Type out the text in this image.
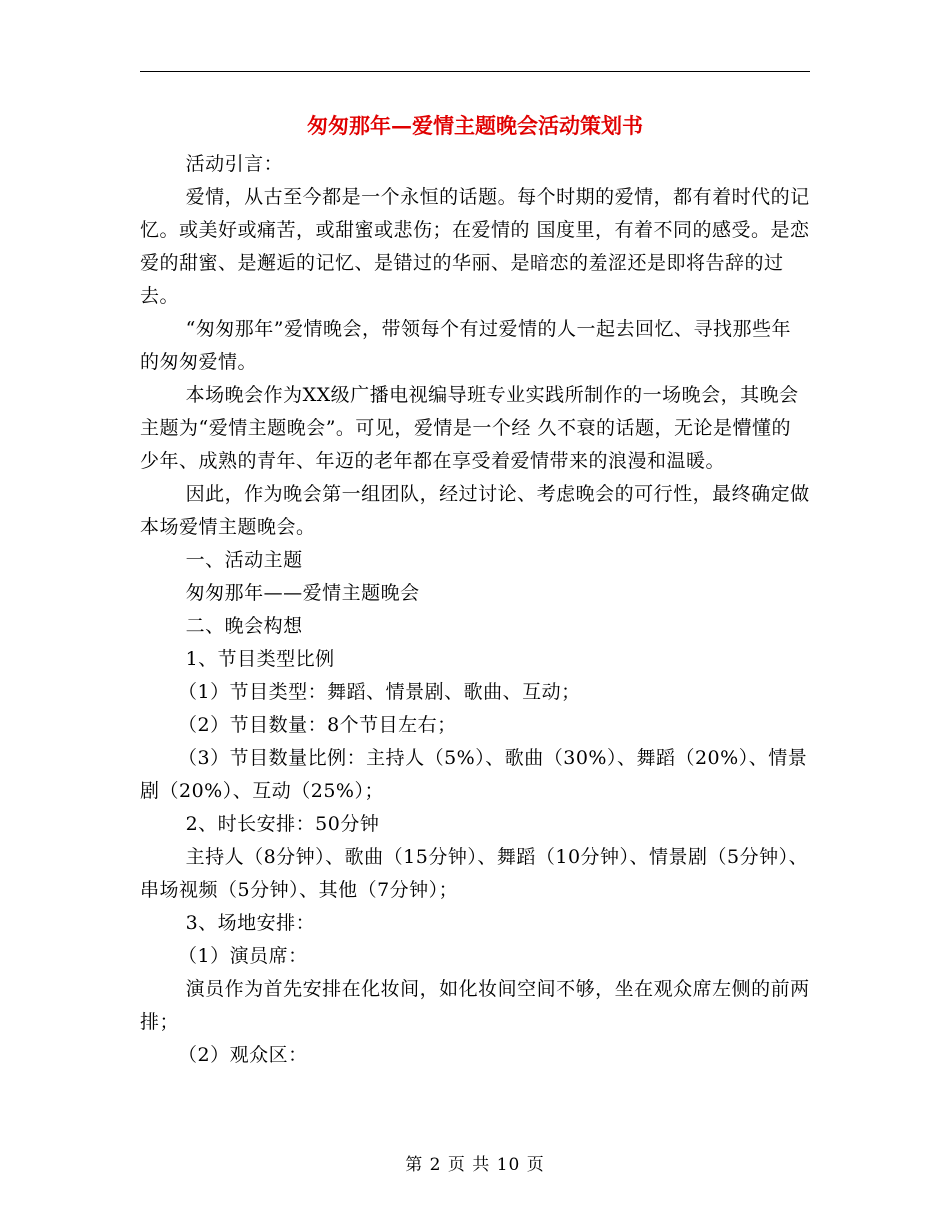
匆匆那年—爱情主题晚会活动策划书

活动引言：

爱情，从古至今都是一个永恒的话题。每个时期的爱情，都有着时代的记忆。或美好或痛苦，或甜蜜或悲伤；在爱情的 国度里，有着不同的感受。是恋爱的甜蜜、是邂逅的记忆、是错过的华丽、是暗恋的羞涩还是即将告辞的过去。

“匆匆那年”爱情晚会，带领每个有过爱情的人一起去回忆、寻找那些年的匆匆爱情。

本场晚会作为XX级广播电视编导班专业实践所制作的一场晚会，其晚会主题为“爱情主题晚会”。可见，爱情是一个经 久不衰的话题，无论是懵懂的少年、成熟的青年、年迈的老年都在享受着爱情带来的浪漫和温暖。

因此，作为晚会第一组团队，经过讨论、考虑晚会的可行性，最终确定做本场爱情主题晚会。

一、活动主题

匆匆那年——爱情主题晚会

二、晚会构想

1、节目类型比例

（1）节目类型：舞蹈、情景剧、歌曲、互动；

（2）节目数量：8个节目左右；

（3）节目数量比例：主持人（5%）、歌曲（30%）、舞蹈（20%）、情景剧（20%）、互动（25%）；

2、时长安排：50分钟

主持人（8分钟）、歌曲（15分钟）、舞蹈（10分钟）、情景剧（5分钟）、串场视频（5分钟）、其他（7分钟）；

3、场地安排：

（1）演员席：

演员作为首先安排在化妆间，如化妆间空间不够，坐在观众席左侧的前两排；

（2）观众区：

第 2 页 共 10 页
